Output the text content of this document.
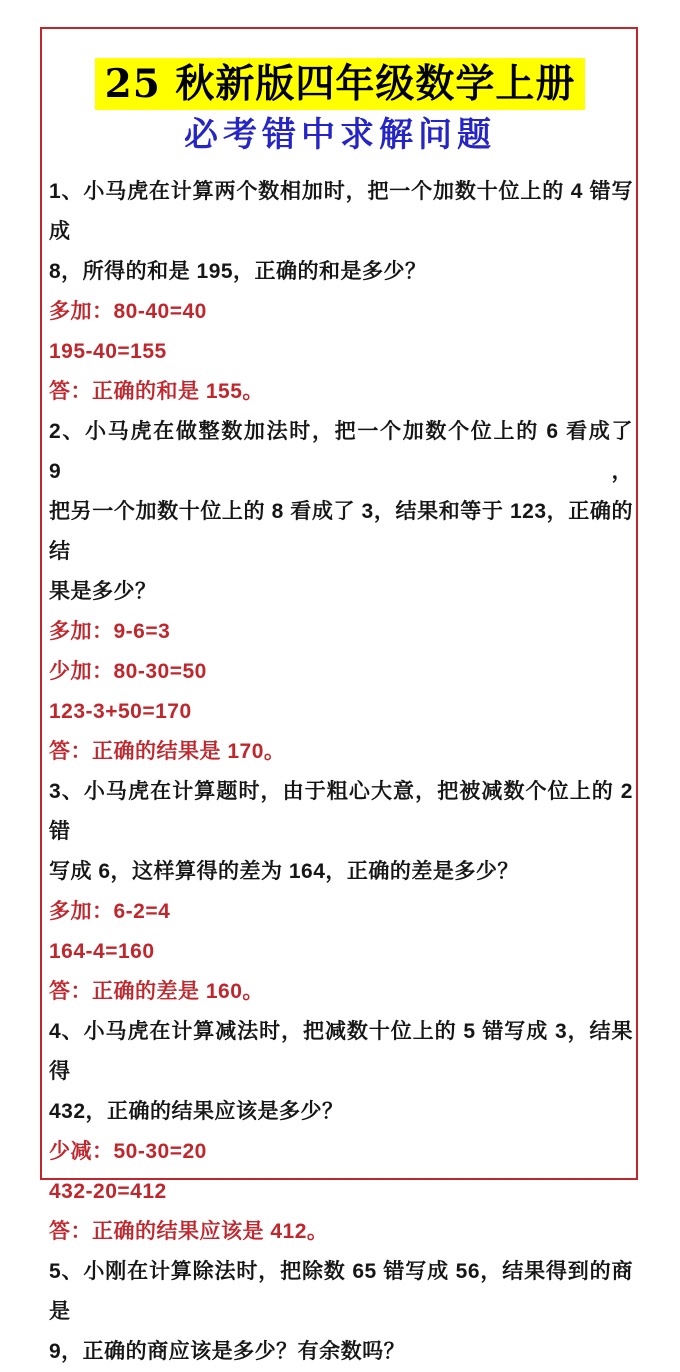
25 秋新版四年级数学上册
必考错中求解问题
1、小马虎在计算两个数相加时，把一个加数十位上的 4 错写成
8，所得的和是 195，正确的和是多少？
多加：80-40=40
195-40=155
答：正确的和是 155。
2、小马虎在做整数加法时，把一个加数个位上的 6 看成了 9，
把另一个加数十位上的 8 看成了 3，结果和等于 123，正确的结
果是多少？
多加：9-6=3
少加：80-30=50
123-3+50=170
答：正确的结果是 170。
3、小马虎在计算题时，由于粗心大意，把被减数个位上的 2 错
写成 6，这样算得的差为 164，正确的差是多少？
多加：6-2=4
164-4=160
答：正确的差是 160。
4、小马虎在计算减法时，把减数十位上的 5 错写成 3，结果得
432，正确的结果应该是多少？
少减：50-30=20
432-20=412
答：正确的结果应该是 412。
5、小刚在计算除法时，把除数 65 错写成 56，结果得到的商是
9，正确的商应该是多少？有余数吗？
